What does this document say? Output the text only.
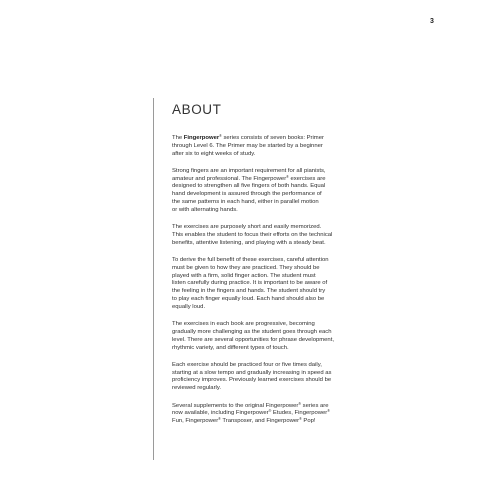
3
ABOUT

The Fingerpower® series consists of seven books: Primer
through Level 6. The Primer may be started by a beginner
after six to eight weeks of study.

Strong fingers are an important requirement for all pianists,
amateur and professional. The Fingerpower® exercises are
designed to strengthen all five fingers of both hands. Equal
hand development is assured through the performance of
the same patterns in each hand, either in parallel motion
or with alternating hands.

The exercises are purposely short and easily memorized.
This enables the student to focus their efforts on the technical
benefits, attentive listening, and playing with a steady beat.

To derive the full benefit of these exercises, careful attention
must be given to how they are practiced. They should be
played with a firm, solid finger action. The student must
listen carefully during practice. It is important to be aware of
the feeling in the fingers and hands. The student should try
to play each finger equally loud. Each hand should also be
equally loud.

The exercises in each book are progressive, becoming
gradually more challenging as the student goes through each
level. There are several opportunities for phrase development,
rhythmic variety, and different types of touch.

Each exercise should be practiced four or five times daily,
starting at a slow tempo and gradually increasing in speed as
proficiency improves. Previously learned exercises should be
reviewed regularly.

Several supplements to the original Fingerpower® series are
now available, including Fingerpower® Etudes, Fingerpower®
Fun, Fingerpower® Transposer, and Fingerpower® Pop!
